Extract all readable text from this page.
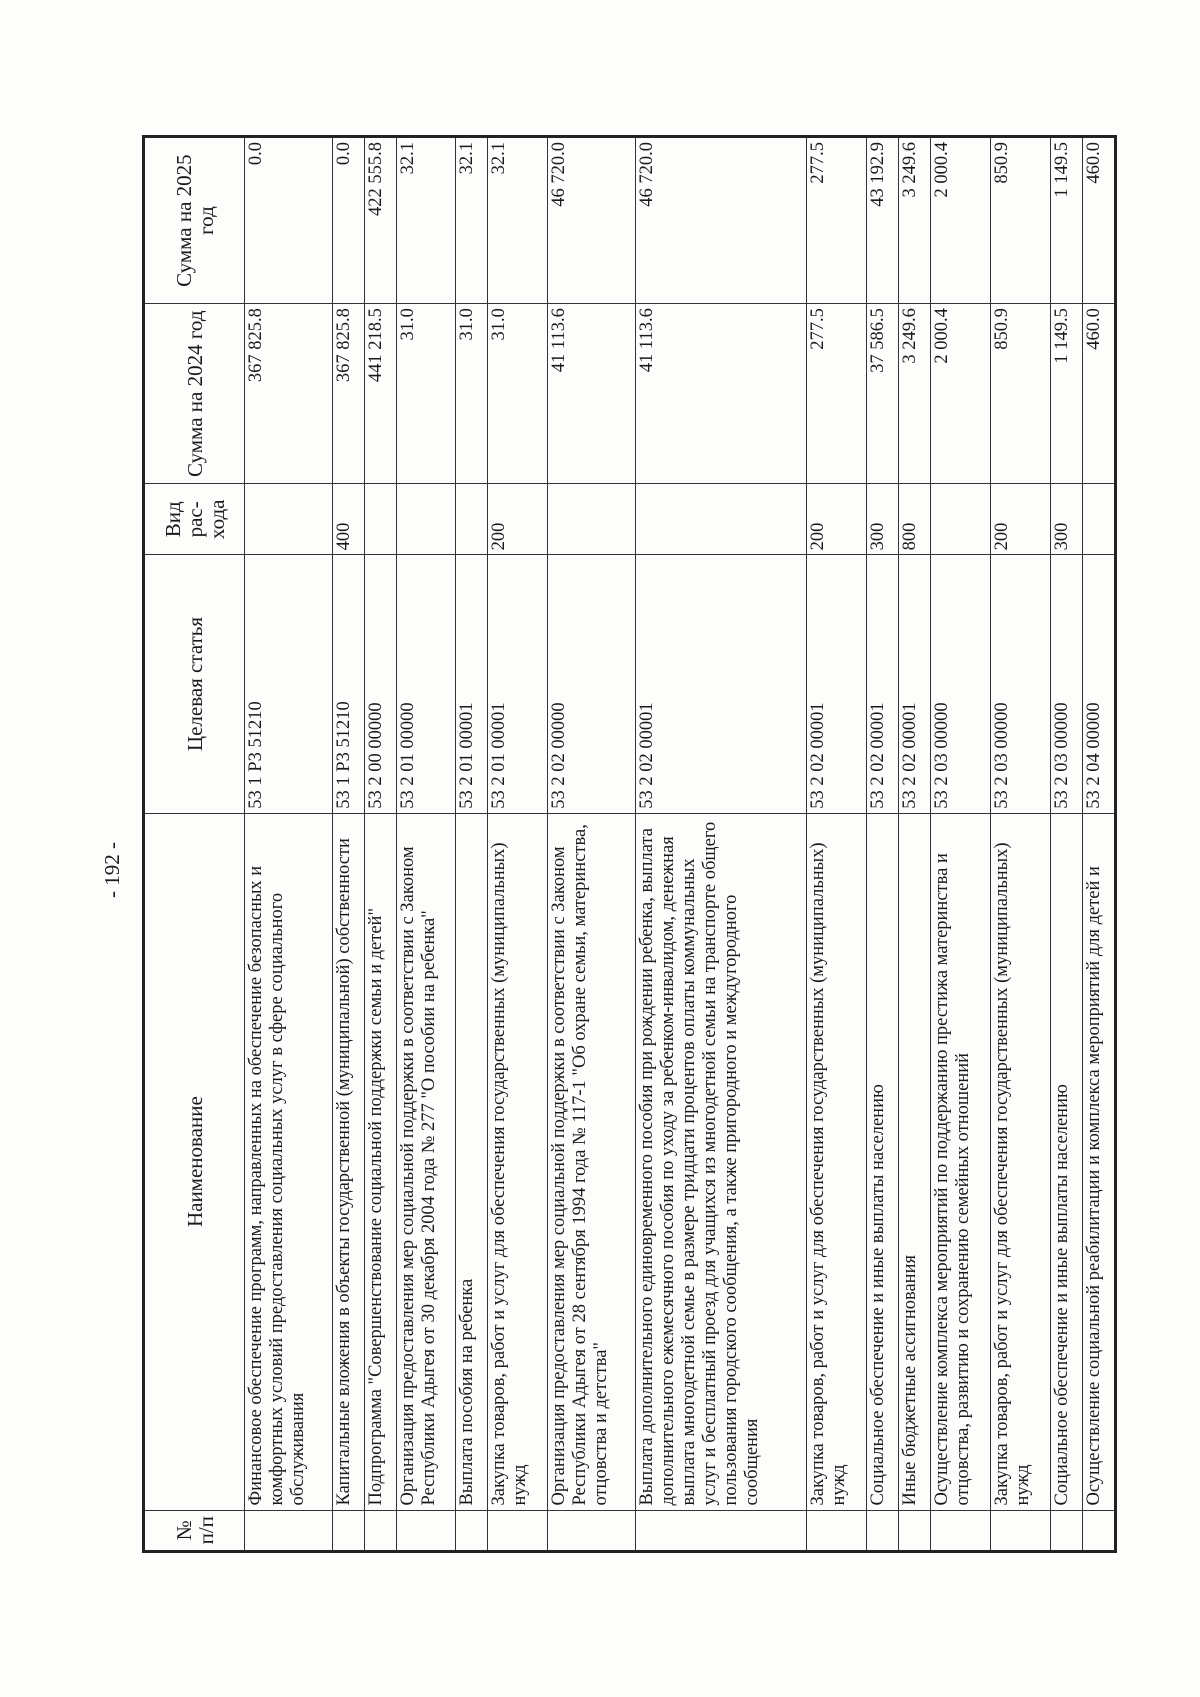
- 192 -
№ п/п	Наименование	Целевая статья	Вид рас-хода	Сумма на 2024 год	Сумма на 2025 год
	Финансовое обеспечение программ, направленных на обеспечение безопасных и комфортных условий предоставления социальных услуг в сфере социального обслуживания	53 1 Р3 51210		367 825.8	0.0
	Капитальные вложения в объекты государственной (муниципальной) собственности	53 1 Р3 51210	400	367 825.8	0.0
	Подпрограмма "Совершенствование социальной поддержки семьи и детей"	53 2 00 00000		441 218.5	422 555.8
	Организация предоставления мер социальной поддержки в соответствии с Законом Республики Адыгея от 30 декабря 2004 года № 277 "О пособии на ребенка"	53 2 01 00000		31.0	32.1
	Выплата пособия на ребенка	53 2 01 00001		31.0	32.1
	Закупка товаров, работ и услуг для обеспечения государственных (муниципальных) нужд	53 2 01 00001	200	31.0	32.1
	Организация предоставления мер социальной поддержки в соответствии с Законом Республики Адыгея от 28 сентября 1994 года № 117-1 "Об охране семьи, материнства, отцовства и детства"	53 2 02 00000		41 113.6	46 720.0
	Выплата дополнительного единовременного пособия при рождении ребенка, выплата дополнительного ежемесячного пособия по уходу за ребенком-инвалидом, денежная выплата многодетной семье в размере тридцати процентов оплаты коммунальных услуг и бесплатный проезд для учащихся из многодетной семьи на транспорте общего пользования городского сообщения, а также пригородного и междугородного сообщения	53 2 02 00001		41 113.6	46 720.0
	Закупка товаров, работ и услуг для обеспечения государственных (муниципальных) нужд	53 2 02 00001	200	277.5	277.5
	Социальное обеспечение и иные выплаты населению	53 2 02 00001	300	37 586.5	43 192.9
	Иные бюджетные ассигнования	53 2 02 00001	800	3 249.6	3 249.6
	Осуществление комплекса мероприятий по поддержанию престижа материнства и отцовства, развитию и сохранению семейных отношений	53 2 03 00000		2 000.4	2 000.4
	Закупка товаров, работ и услуг для обеспечения государственных (муниципальных) нужд	53 2 03 00000	200	850.9	850.9
	Социальное обеспечение и иные выплаты населению	53 2 03 00000	300	1 149.5	1 149.5
	Осуществление социальной реабилитации и комплекса мероприятий для детей и	53 2 04 00000		460.0	460.0
